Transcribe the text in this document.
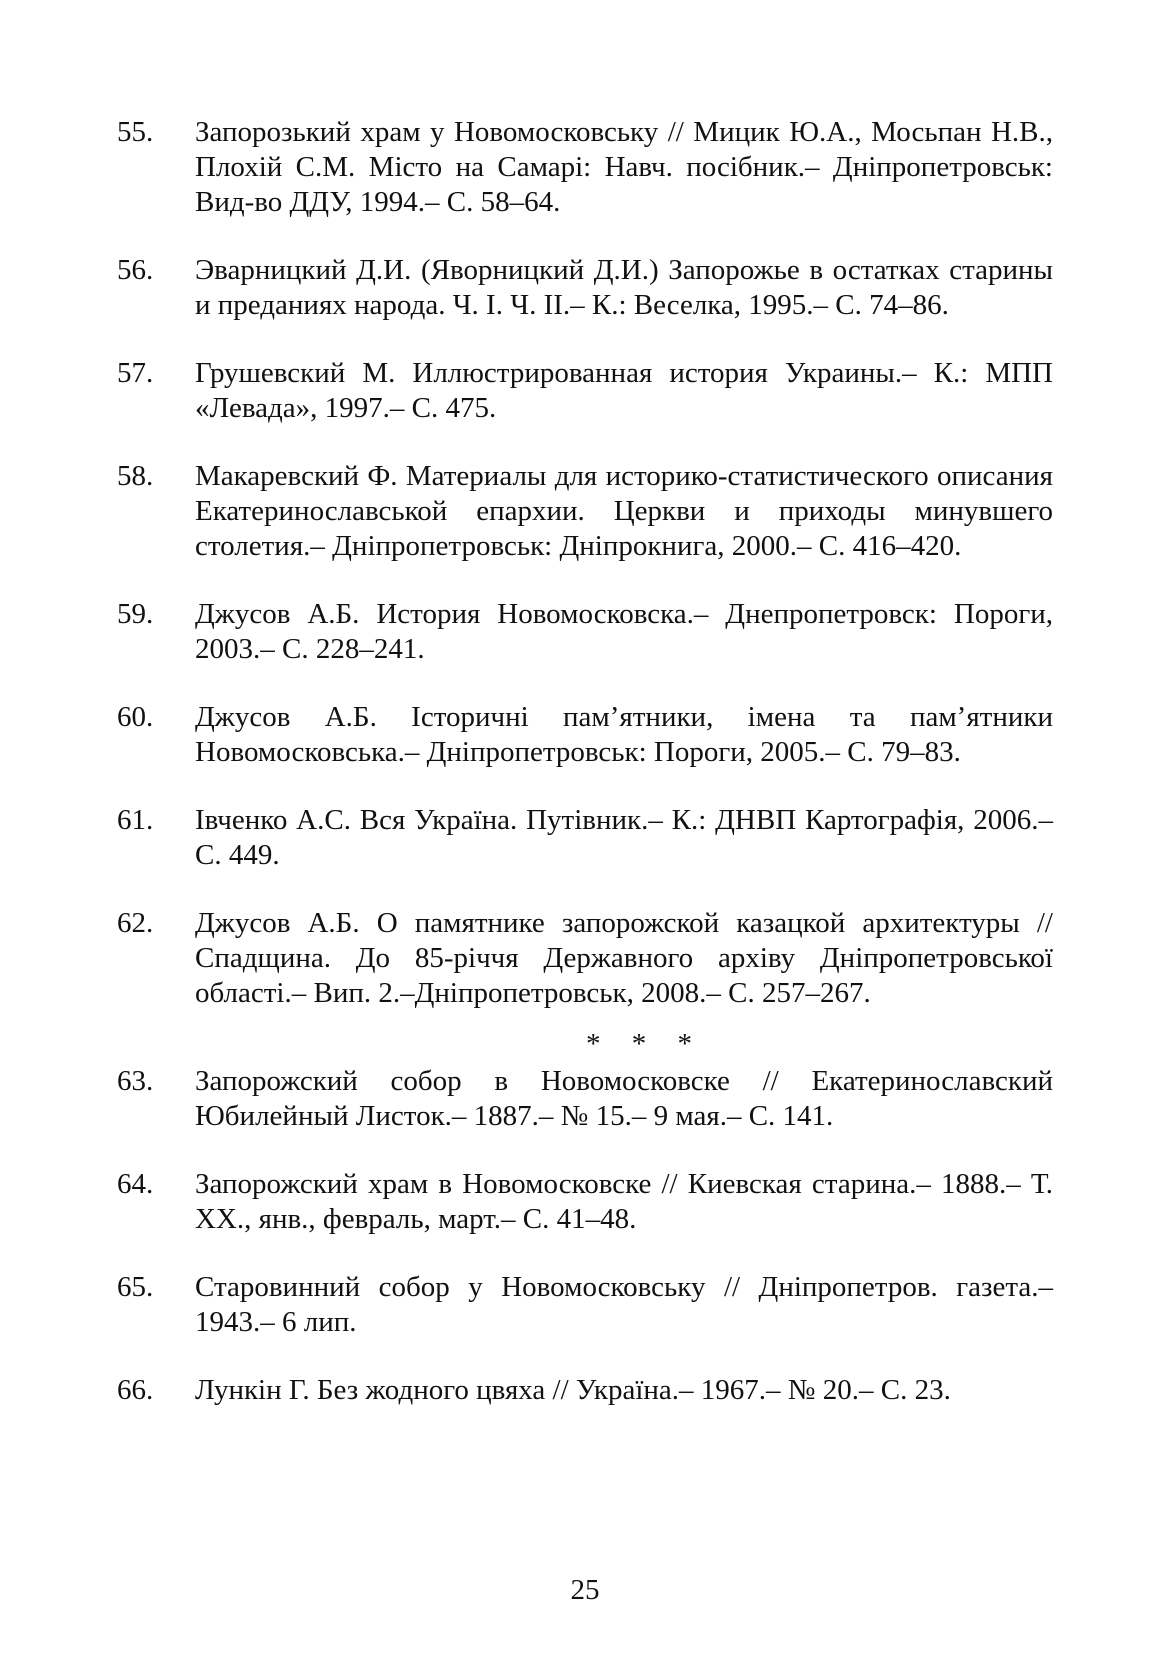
55.	Запорозький храм у Новомосковську // Мицик Ю.А., Мосьпан Н.В., Плохій С.М. Місто на Самарі: Навч. посібник.– Дніпропетровськ: Вид-во ДДУ, 1994.– С. 58–64.
56.	Эварницкий Д.И. (Яворницкий Д.И.) Запорожье в остатках старины и преданиях народа. Ч. I. Ч. II.– К.: Веселка, 1995.– С. 74–86.
57.	Грушевский М. Иллюстрированная история Украины.– К.: МПП «Левада», 1997.– С. 475.
58.	Макаревский Ф. Материалы для историко-статистического описания Екатеринославськой епархии. Церкви и приходы минувшего столетия.– Дніпропетровськ: Дніпрокнига, 2000.– С. 416–420.
59.	Джусов А.Б. История Новомосковска.– Днепропетровск: Пороги, 2003.– С. 228–241.
60.	Джусов А.Б. Історичні пам’ятники, імена та пам’ятники Новомосковська.– Дніпропетровськ: Пороги, 2005.– С. 79–83.
61.	Івченко А.С. Вся Україна. Путівник.– К.: ДНВП Картографія, 2006.– С. 449.
62.	Джусов А.Б. О памятнике запорожской казацкой архитектуры // Спадщина. До 85-річчя Державного архіву Дніпропетровської області.– Вип. 2.–Дніпропетровськ, 2008.– С. 257–267.
* * *
63.	Запорожский собор в Новомосковске // Екатеринославский Юбилейный Листок.– 1887.– № 15.– 9 мая.– С. 141.
64.	Запорожский храм в Новомосковске // Киевская старина.– 1888.– Т. XX., янв., февраль, март.– С. 41–48.
65.	Старовинний собор у Новомосковську // Дніпропетров. газета.– 1943.– 6 лип.
66.	Лункін Г. Без жодного цвяха // Україна.– 1967.– № 20.– С. 23.
25
